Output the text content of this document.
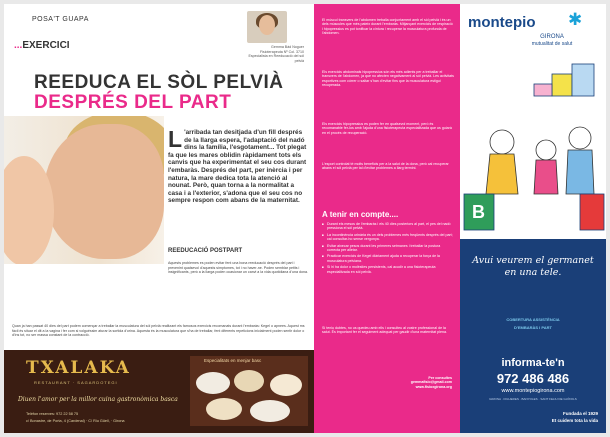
POSA'T GUAPA
...EXERCICI	Gemma Bàd Noguer
Fisioterapeuta Nº Col. 3710
Especialista en Reeducació del sòl pelvià
REEDUCA EL SÒL PELVIÀ
DESPRÉS DEL PART
L 'arribada tan desitjada d'un fill després de la llarga espera, l'adaptació del nadó dins la família, l'esgotament... Tot plegat fa que les mares oblidin ràpidament tots els canvis que ha experimentat el seu cos durant l'embaràs. Després del part, per inèrcia i per natura, la mare dedica tota la atenció al nounat. Però, quan torna a la normalitat a casa i a l'exterior, s'adona que el seu cos no sempre respon com abans de la maternitat.
REEDUCACIÓ POSTPART
Aquests problemes es poden evitar fent una bona reeducació després del part i prevenint qualsevol d'aquests símptomes, tot i no haver-ne. Poden semblar petits i insignificants, però a la llarga poden ocasionar un canvi a la vida quotidiana d'una dona.
Quan ja han passat 40 dies del part podem començar a treballar la musculatura del sòl pelvià realitzant els famosos exercicis recomanats durant l'embaràs: Kegel o apnees. Aquest ms fàcil és situar el dit a la vagina i fer com si volguéssim aturar la sortida d'orina. Aquesta és la musculatura que s'ha de treballar, fent diferents repeticions inicialment poden sentir dolor o d'ins tot, no ser massa constant de la contracció.
TXALAKA
RESTAURANT · SAGARDOTEGI
Diuen l'amor per la millor cuina gastronòmica basca
Telèfon reserves: 972 22 58 75
c/ Bonastre, de Porta, 4 (Cardenal) · C/ Riu Güell, · Girona
Especialitats en menjar basc
El múscul transvers de l'abdomen treballa conjuntament amb el sòl pelvià i és un dels múscules que més pateix durant l'embaràs. Mitjançant exercicis de respiració i hipopressius es pot tonificar la cintura i recuperar la musculatura profunda de l'abdomen.
Els exercicis abdominals hipopressius són els més adients per a treballar el transvers de l'abdomen, ja que no afecten negativament al sòl pelvià. Les activitats esportives com córrer o saltar s'han d'evitar fins que la musculatura estigui recuperada.
Els exercicis hipopressius es poden fer en qualsevol moment, però és recomanable fer-los amb l'ajuda d'una fisioterapeuta especialitzada que us guiarà en el procés de recuperació.
L'esport controlat té molts beneficis per a la salut de la dona, però cal recuperar abans el sòl pelvià per tal d'evitar problemes a llarg termini.
A tenir en compte....
■ Durant els mesos de l'embaràs i els 40 dies posteriors al part, el pes del nadó pressiona el sòl pelvià.
■ La incontinència urinària és un dels problemes més freqüents després del part; cal consultar-ho sense vergonya.
■ Evitar aixecar pesos durant les primeres setmanes i treballar la postura correcta per alletar.
■ Practicar exercicis de Kegel diàriament ajuda a recuperar la força de la musculatura pelviana.
■ Si hi ha dolor o molèsties persistents, cal acudir a una fisioterapeuta especialitzada en sòl pelvià.
Si teniu dubtes, no us quedeu amb ells i consulteu al vostre professional de la salut. És important fer el seguiment adequat per gaudir d'una maternitat plena.
Per consultes
gemmafisio@gmail.com
www.fisioxgirona.org
montepio ✱
GIRONA
mutualitat de salut
B
Avui veurem el germanet en una tele.
COBERTURA ASSISTÈNCIA
D'EMBARÀS I PART
informa-te'n
972 486 486
www.montepiogirona.com
GIRONA · FIGUERES · BANYOLES · SANT FELIU DE GUÍXOLS
Fundada el 1929
Et cuidem tota la vida
